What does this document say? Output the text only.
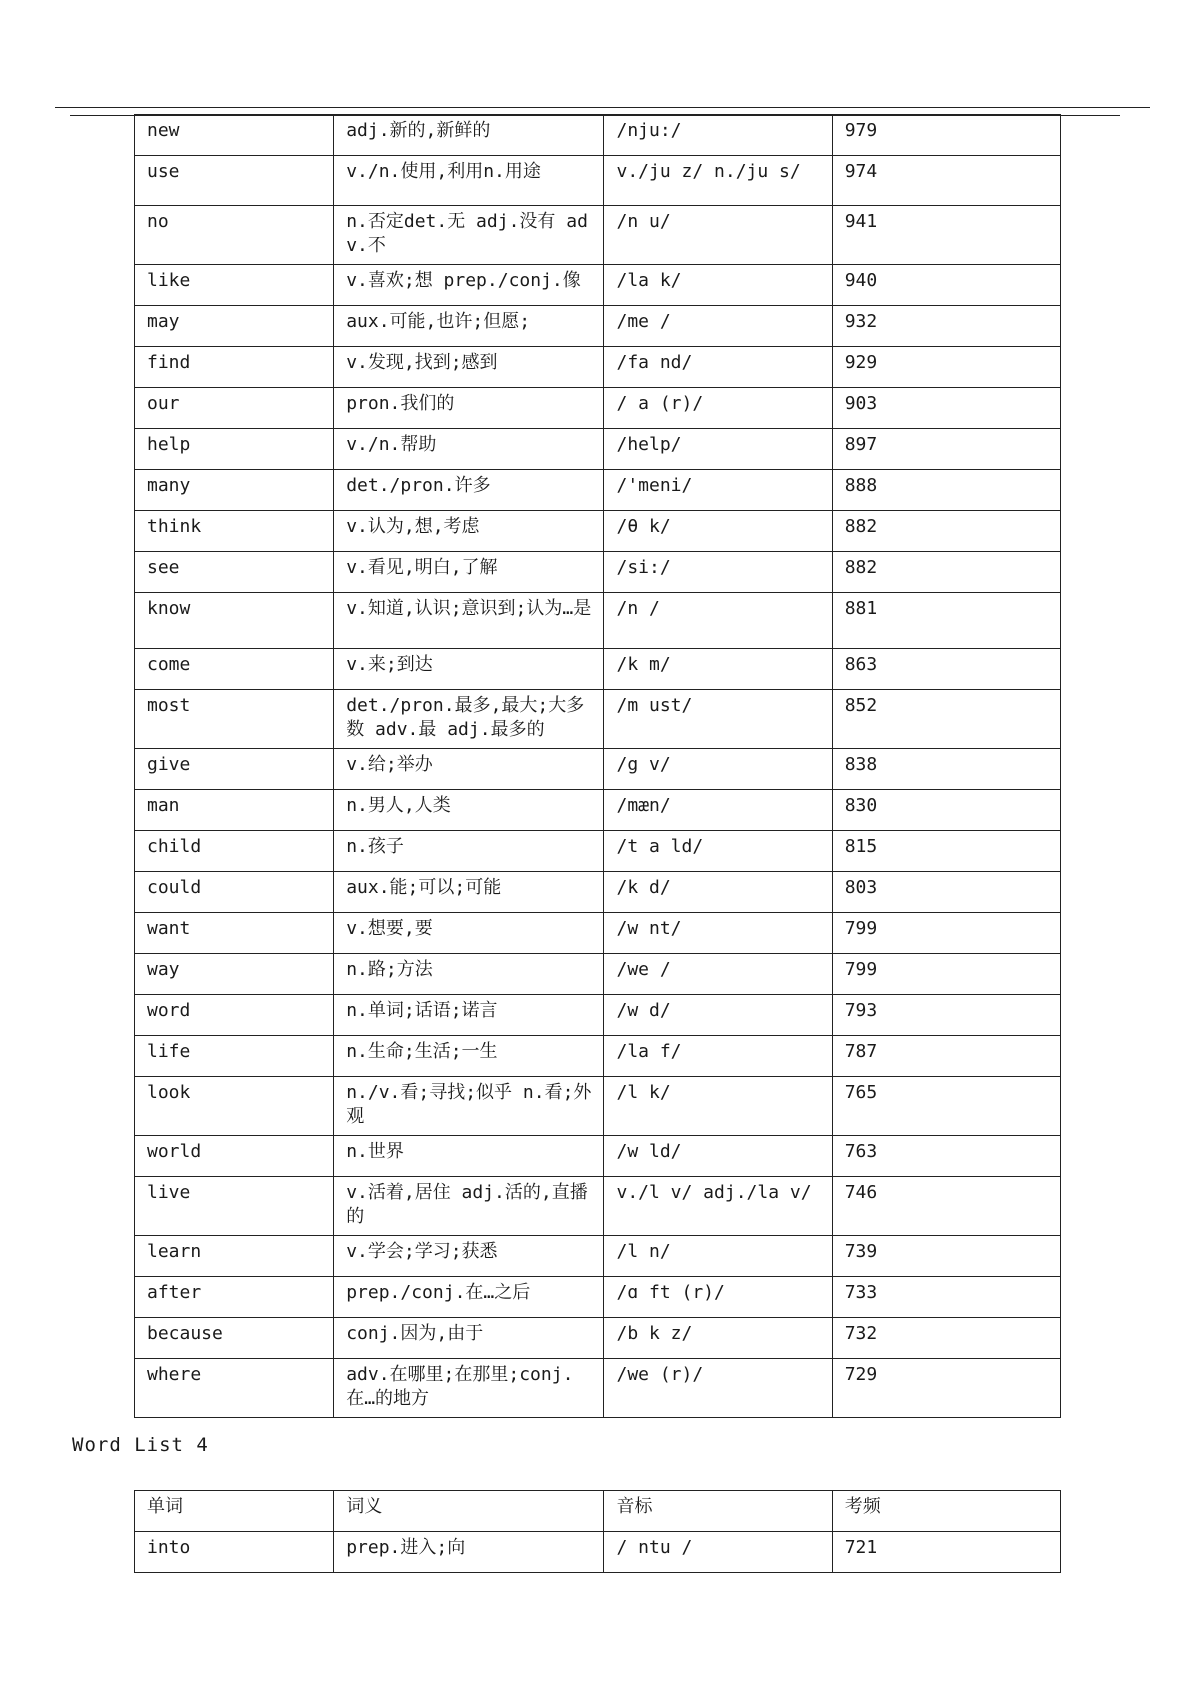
new	adj.新的,新鲜的	/nju:/	979
use	v./n.使用,利用n.用途	v./ju z/ n./ju s/	974
no	n.否定det.无 adj.没有 adv.不	/n u/	941
like	v.喜欢;想 prep./conj.像	/la k/	940
may	aux.可能,也许;但愿;	/me /	932
find	v.发现,找到;感到	/fa nd/	929
our	pron.我们的	/ a (r)/	903
help	v./n.帮助	/help/	897
many	det./pron.许多	/'meni/	888
think	v.认为,想,考虑	/θ k/	882
see	v.看见,明白,了解	/si:/	882
know	v.知道,认识;意识到;认为…是	/n /	881
come	v.来;到达	/k m/	863
most	det./pron.最多,最大;大多数 adv.最 adj.最多的	/m ust/	852
give	v.给;举办	/g v/	838
man	n.男人,人类	/mæn/	830
child	n.孩子	/t a ld/	815
could	aux.能;可以;可能	/k d/	803
want	v.想要,要	/w nt/	799
way	n.路;方法	/we /	799
word	n.单词;话语;诺言	/w d/	793
life	n.生命;生活;一生	/la f/	787
look	n./v.看;寻找;似乎 n.看;外观	/l k/	765
world	n.世界	/w ld/	763
live	v.活着,居住 adj.活的,直播的	v./l v/ adj./la v/	746
learn	v.学会;学习;获悉	/l n/	739
after	prep./conj.在…之后	/ɑ ft (r)/	733
because	conj.因为,由于	/b k z/	732
where	adv.在哪里;在那里;conj.在…的地方	/we (r)/	729
Word List 4
单词	词义	音标	考频
into	prep.进入;向	/ ntu /	721
